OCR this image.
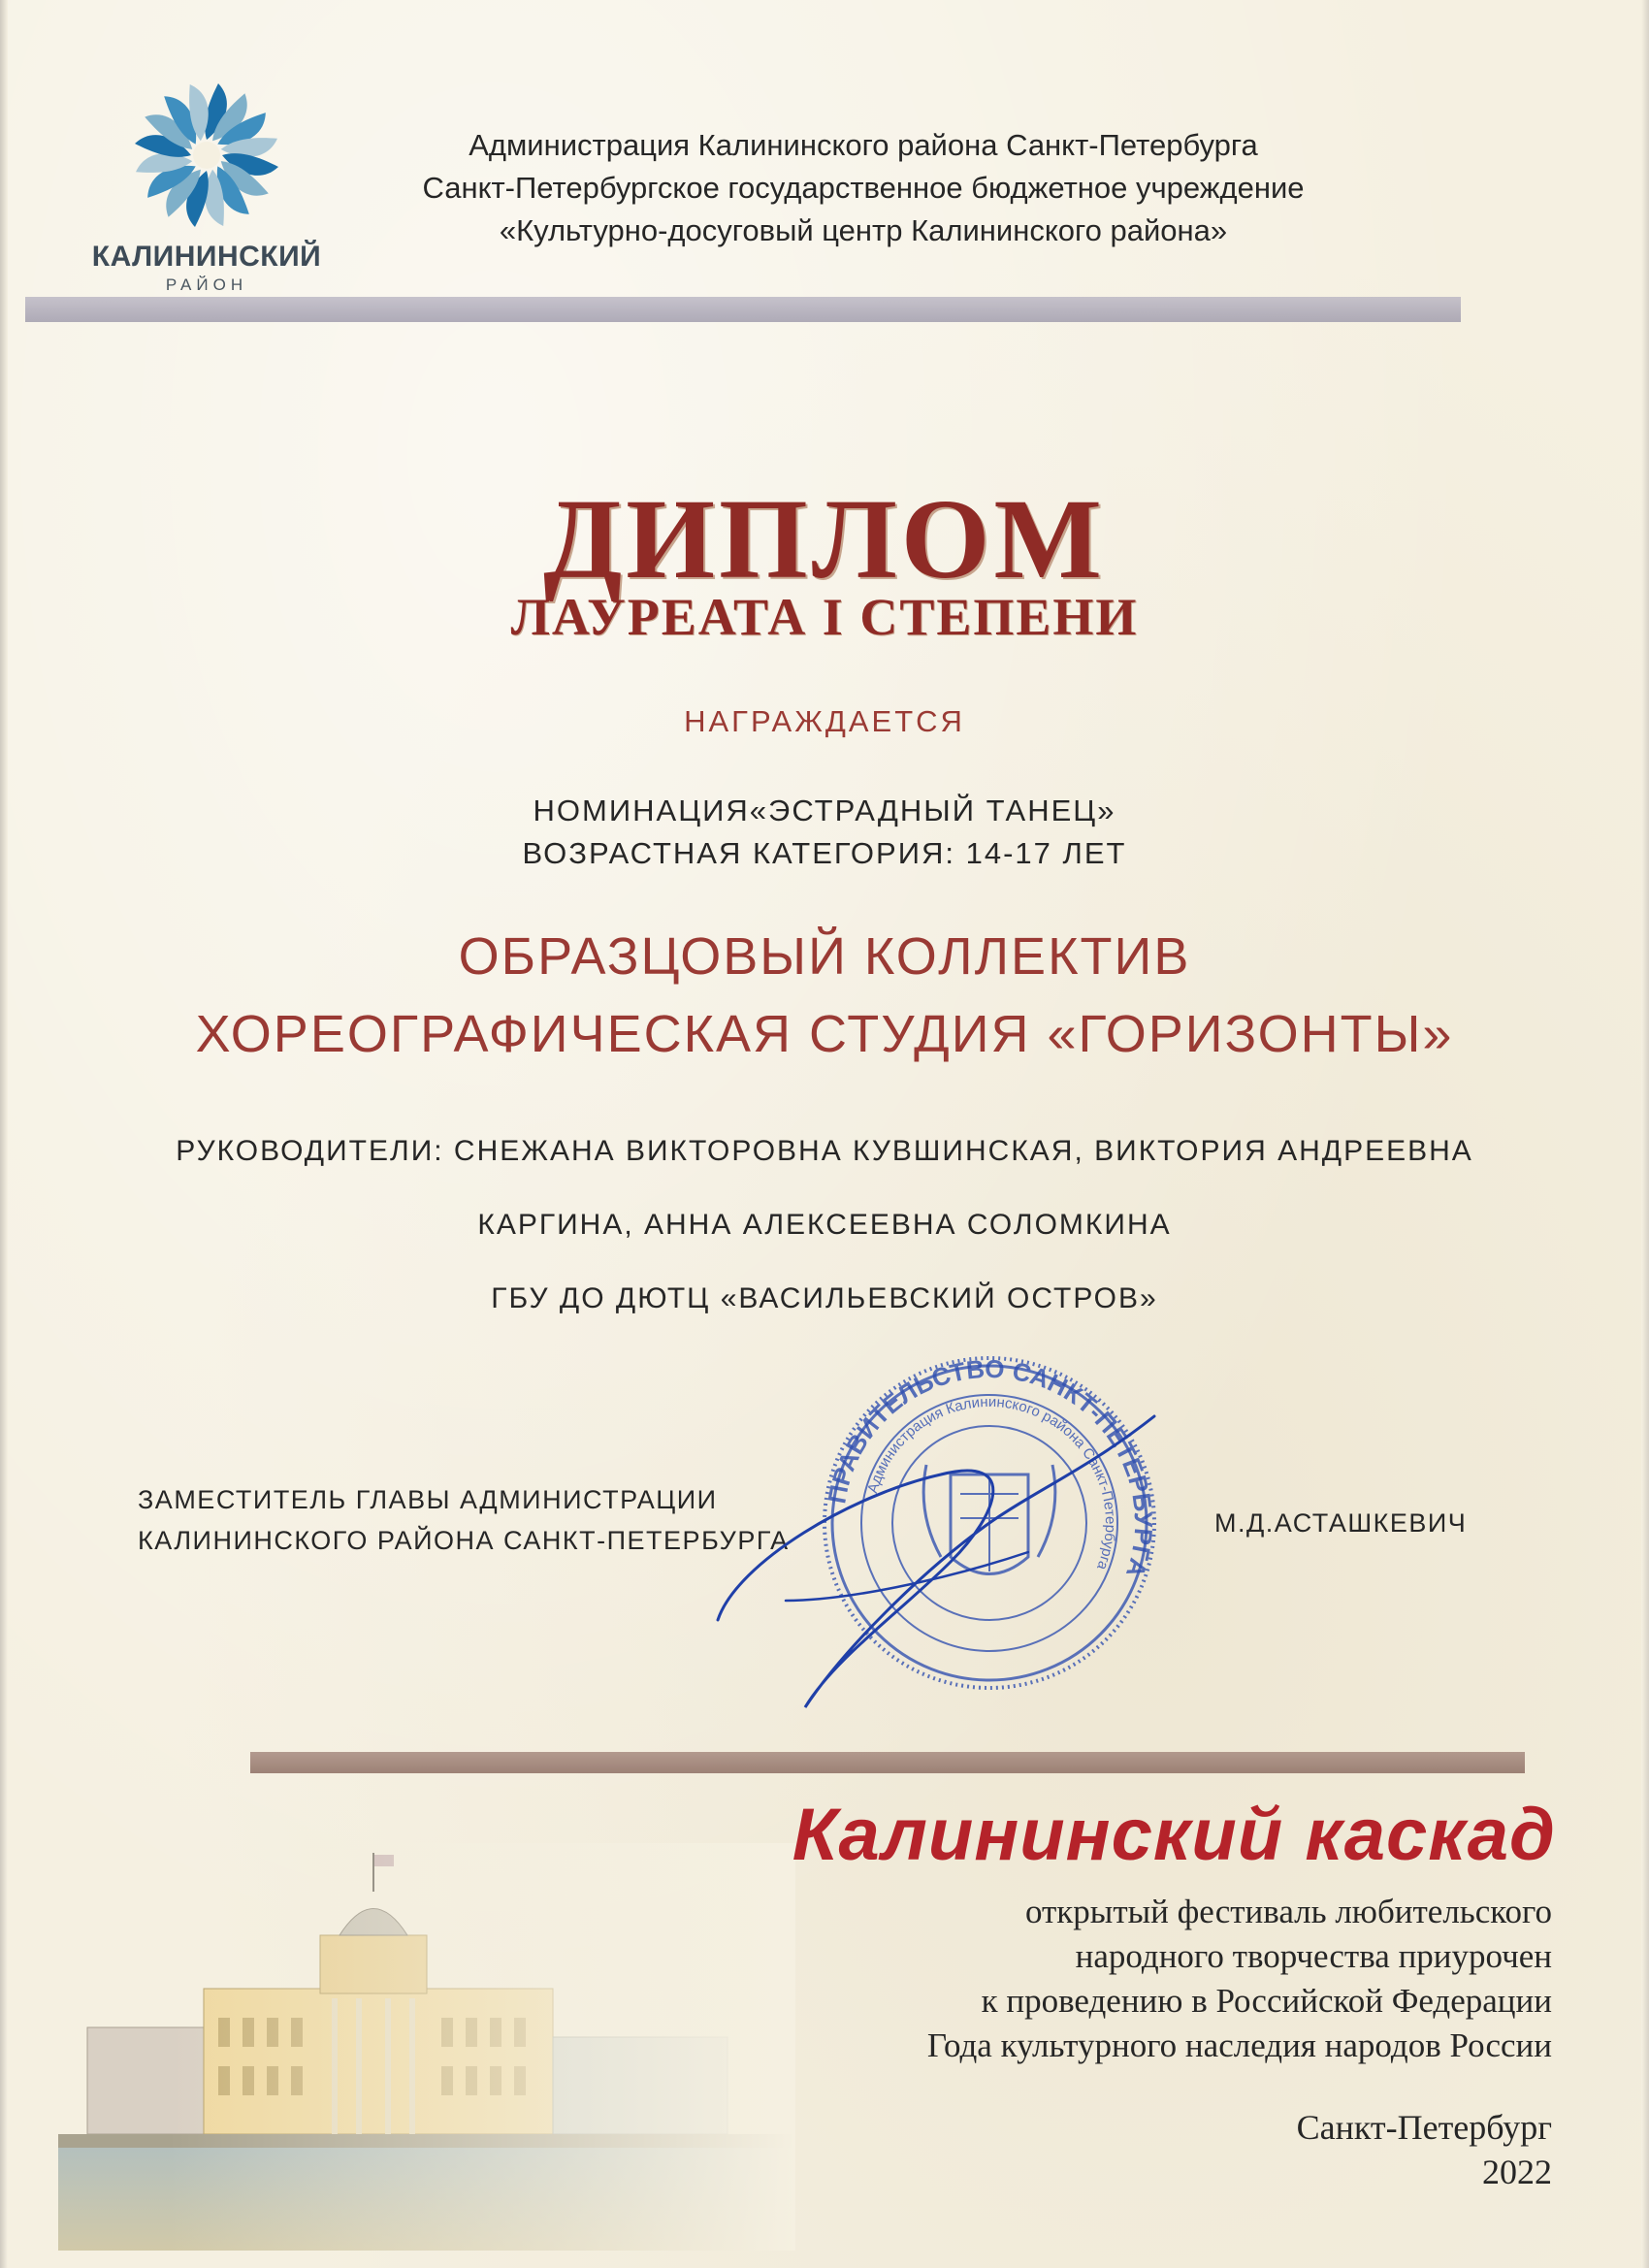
КАЛИНИНСКИЙ
РАЙОН
Администрация Калининского района Санкт-Петербурга
Санкт-Петербургское государственное бюджетное учреждение
«Культурно-досуговый центр Калининского района»
ДИПЛОМ
ЛАУРЕАТА I СТЕПЕНИ
НАГРАЖДАЕТСЯ
НОМИНАЦИЯ«ЭСТРАДНЫЙ ТАНЕЦ»
ВОЗРАСТНАЯ КАТЕГОРИЯ: 14-17 ЛЕТ
ОБРАЗЦОВЫЙ КОЛЛЕКТИВ
ХОРЕОГРАФИЧЕСКАЯ СТУДИЯ «ГОРИЗОНТЫ»
РУКОВОДИТЕЛИ: СНЕЖАНА ВИКТОРОВНА КУВШИНСКАЯ, ВИКТОРИЯ АНДРЕЕВНА
КАРГИНА, АННА АЛЕКСЕЕВНА СОЛОМКИНА
ГБУ ДО ДЮТЦ «ВАСИЛЬЕВСКИЙ ОСТРОВ»
ЗАМЕСТИТЕЛЬ ГЛАВЫ АДМИНИСТРАЦИИ
КАЛИНИНСКОГО РАЙОНА САНКТ-ПЕТЕРБУРГА
М.Д.АСТАШКЕВИЧ
ПРАВИТЕЛЬСТВО САНКТ-ПЕТЕРБУРГА
Администрация Калининского района Санкт-Петербурга
Калининский каскад
открытый фестиваль любительского
народного творчества приурочен
к проведению в Российской Федерации
Года культурного наследия народов России
Санкт-Петербург
2022
